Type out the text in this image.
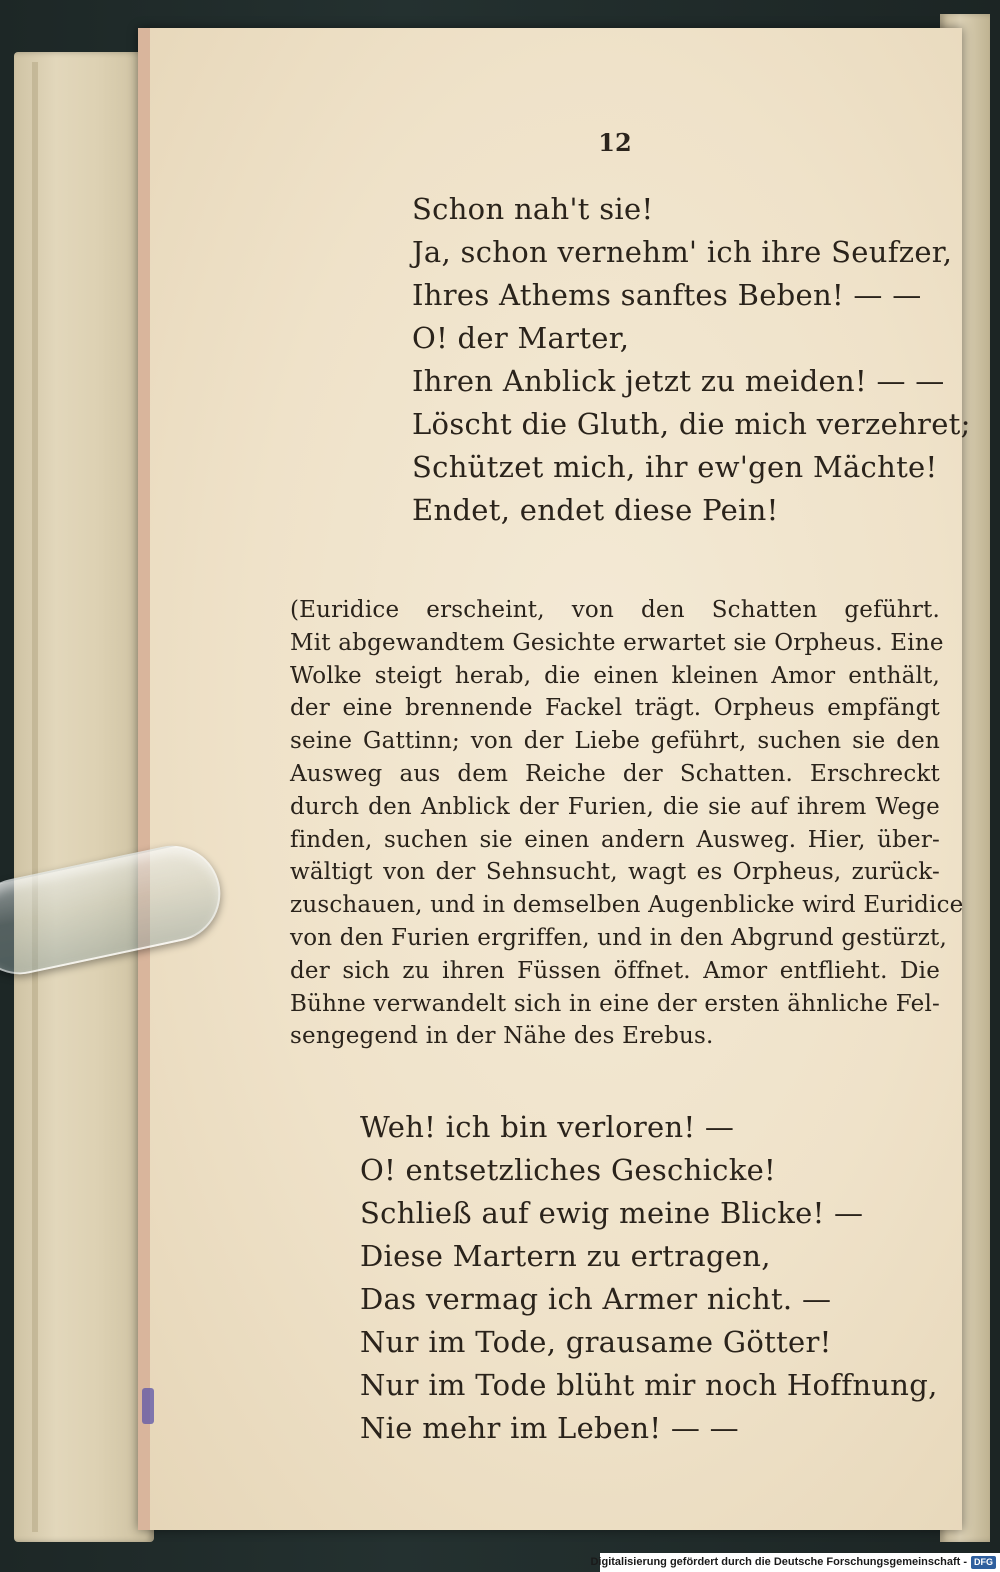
12
Schon nah't sie!
Ja, schon vernehm' ich ihre Seufzer,
Ihres Athems sanftes Beben! — —
O! der Marter,
Ihren Anblick jetzt zu meiden! — —
Löscht die Gluth, die mich verzehret;
Schützet mich, ihr ew'gen Mächte!
Endet, endet diese Pein!
(Euridice erscheint, von den Schatten geführt.
Mit abgewandtem Gesichte erwartet sie Orpheus. Eine
Wolke steigt herab, die einen kleinen Amor enthält,
der eine brennende Fackel trägt. Orpheus empfängt
seine Gattinn; von der Liebe geführt, suchen sie den
Ausweg aus dem Reiche der Schatten. Erschreckt
durch den Anblick der Furien, die sie auf ihrem Wege
finden, suchen sie einen andern Ausweg. Hier, über-
wältigt von der Sehnsucht, wagt es Orpheus, zurück-
zuschauen, und in demselben Augenblicke wird Euridice
von den Furien ergriffen, und in den Abgrund gestürzt,
der sich zu ihren Füssen öffnet. Amor entflieht. Die
Bühne verwandelt sich in eine der ersten ähnliche Fel-
sengegend in der Nähe des Erebus.
Weh! ich bin verloren! —
O! entsetzliches Geschicke!
Schließ auf ewig meine Blicke! —
Diese Martern zu ertragen,
Das vermag ich Armer nicht. —
Nur im Tode, grausame Götter!
Nur im Tode blüht mir noch Hoffnung,
Nie mehr im Leben! — —
Digitalisierung gefördert durch die Deutsche Forschungsgemeinschaft - DFG
